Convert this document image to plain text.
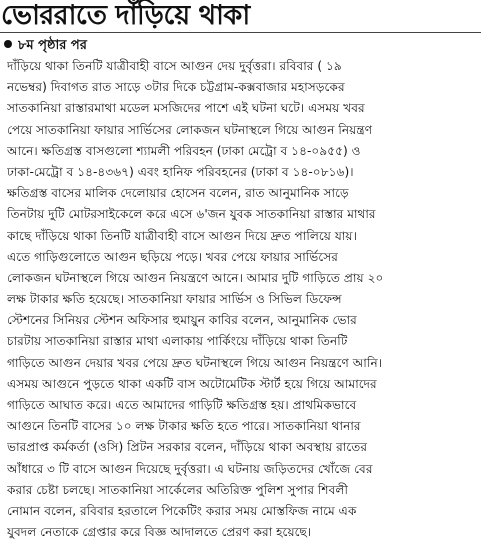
ভোররাতে দাঁড়িয়ে থাকা
৮ম পৃষ্ঠার পর
দাঁড়িয়ে থাকা তিনটি যাত্রীবাহী বাসে আগুন দেয় দুর্বৃত্তরা। রবিবার ( ১৯
নভেম্বর) দিবাগত রাত সাড়ে ৩টার দিকে চট্টগ্রাম-কক্সবাজার মহাসড়কের
সাতকানিয়া রাস্তারমাথা মডেল মসজিদের পাশে এই ঘটনা ঘটে। এসময় খবর
পেয়ে সাতকানিয়া ফায়ার সার্ভিসের লোকজন ঘটনাস্থলে গিয়ে আগুন নিয়ন্ত্রণ
আনে। ক্ষতিগ্রস্ত বাসগুলো শ্যামলী পরিবহন (ঢাকা মেট্রো ব ১৪-০৯৫৫) ও
ঢাকা-মেট্রো ব ১৪-৪৩৬৭) এবং হানিফ পরিবহনের (ঢাকা ব ১৪-০৮১৬)।
ক্ষতিগ্রস্ত বাসের মালিক দেলোয়ার হোসেন বলেন, রাত আনুমানিক সাড়ে
তিনটায় দুটি মোটরসাইকেলে করে এসে ৬'জন যুবক সাতকানিয়া রাস্তার মাথার
কাছে দাঁড়িয়ে থাকা তিনটি যাত্রীবাহী বাসে আগুন দিয়ে দ্রুত পালিয়ে যায়।
এতে গাড়িগুলোতে আগুন ছড়িয়ে পড়ে। খবর পেয়ে ফায়ার সার্ভিসের
লোকজন ঘটনাস্থলে গিয়ে আগুন নিয়ন্ত্রণে আনে। আমার দুটি গাড়িতে প্রায় ২০
লক্ষ টাকার ক্ষতি হয়েছে। সাতকানিয়া ফায়ার সার্ভিস ও সিভিল ডিফেন্স
স্টেশনের সিনিয়র স্টেশন অফিসার হুমায়ুন কাবির বলেন, আনুমানিক ভোর
চারটায় সাতকানিয়া রাস্তার মাথা এলাকায় পার্কিংয়ে দাঁড়িয়ে থাকা তিনটি
গাড়িতে আগুন দেয়ার খবর পেয়ে দ্রুত ঘটনাস্থলে গিয়ে আগুন নিয়ন্ত্রণে আনি।
এসময় আগুনে পুড়তে থাকা একটি বাস অটোমেটিক স্টার্ট হয়ে গিয়ে আমাদের
গাড়িতে আঘাত করে। এতে আমাদের গাড়িটি ক্ষতিগ্রস্ত হয়। প্রাথমিকভাবে
আগুনে তিনটি বাসের ১০ লক্ষ টাকার ক্ষতি হতে পারে। সাতকানিয়া থানার
ভারপ্রাপ্ত কর্মকর্তা (ওসি) প্রিটন সরকার বলেন, দাঁড়িয়ে থাকা অবস্থায় রাতের
আঁধারে ৩ টি বাসে আগুন দিয়েছে দুর্বৃত্তরা। এ ঘটনায় জড়িতদের খোঁজে বের
করার চেষ্টা চলছে। সাতকানিয়া সার্কেলের অতিরিক্ত পুলিশ সুপার শিবলী
নোমান বলেন, রবিবার হরতালে পিকেটিং করার সময় মোস্তফিজ নামে এক
যুবদল নেতাকে গ্রেপ্তার করে বিজ্ঞ আদালতে প্রেরণ করা হয়েছে।
